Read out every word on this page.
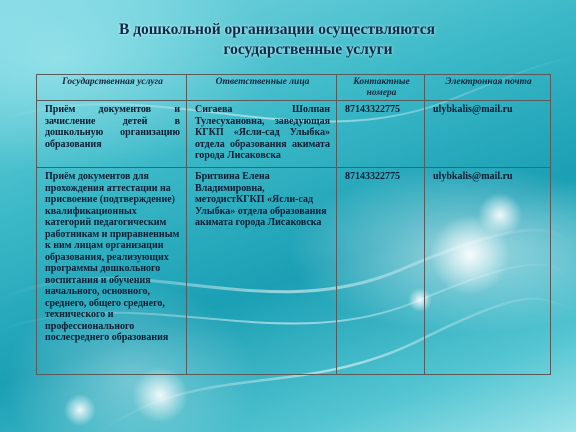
В дошкольной организации осуществляются
государственные услуги
Государственная услуга	Ответственные лица	Контактные номера	Электронная почта
Приём документов и зачисление детей в дошкольную организацию образования	Сигаева Шолпан Тулесухановна, заведующая КГКП «Ясли-сад Улыбка» отдела образования акимата города Лисаковска	87143322775	ulybkalis@mail.ru
Приём документов для прохождения аттестации на присвоение (подтверждение) квалификационных категорий педагогическим работникам и приравненным к ним лицам организации образования, реализующих программы дошкольного воспитания и обучения начального, основного, среднего, общего среднего, технического и профессионального послесреднего образования	Бритвина Елена Владимировна, методистКГКП «Ясли-сад Улыбка» отдела образования акимата города Лисаковска	87143322775	ulybkalis@mail.ru
